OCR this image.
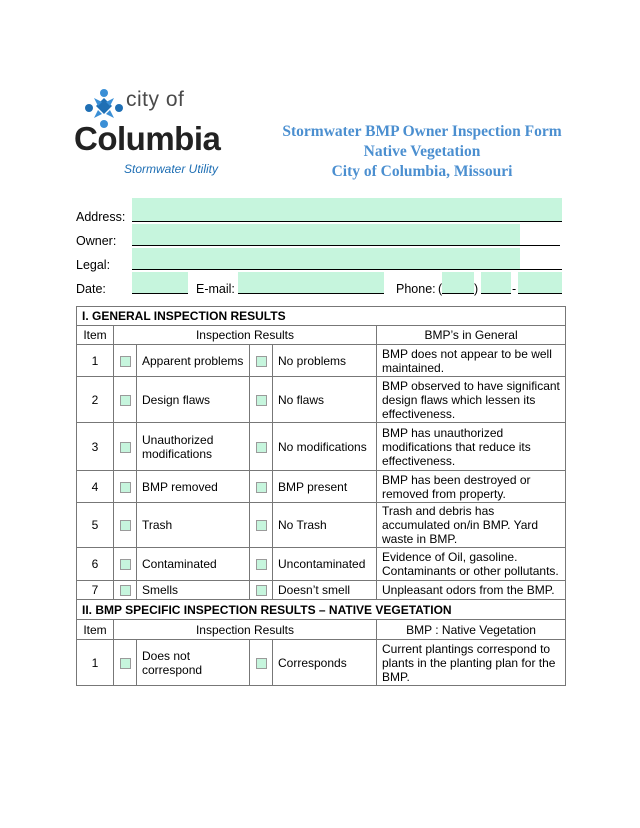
city of
Columbia
Stormwater Utility
Stormwater BMP Owner Inspection Form
Native Vegetation
City of Columbia, Missouri
Address:
Owner:
Legal:
Date:	E-mail:	Phone: (	)	-
I. GENERAL INSPECTION RESULTS					
Item	Inspection Results				BMP’s in General
1		Apparent problems		No problems	BMP does not appear to be well maintained.
2		Design flaws		No flaws	BMP observed to have significant design flaws which lessen its effectiveness.
3		Unauthorized modifications		No modifications	BMP has unauthorized modifications that reduce its effectiveness.
4		BMP removed		BMP present	BMP has been destroyed or removed from property.
5		Trash		No Trash	Trash and debris has accumulated on/in BMP. Yard waste in BMP.
6		Contaminated		Uncontaminated	Evidence of Oil, gasoline. Contaminants or other pollutants.
7		Smells		Doesn’t smell	Unpleasant odors from the BMP.
II. BMP SPECIFIC INSPECTION RESULTS – NATIVE VEGETATION					
Item	Inspection Results				BMP : Native Vegetation
1		Does not correspond		Corresponds	Current plantings correspond to plants in the planting plan for the BMP.
